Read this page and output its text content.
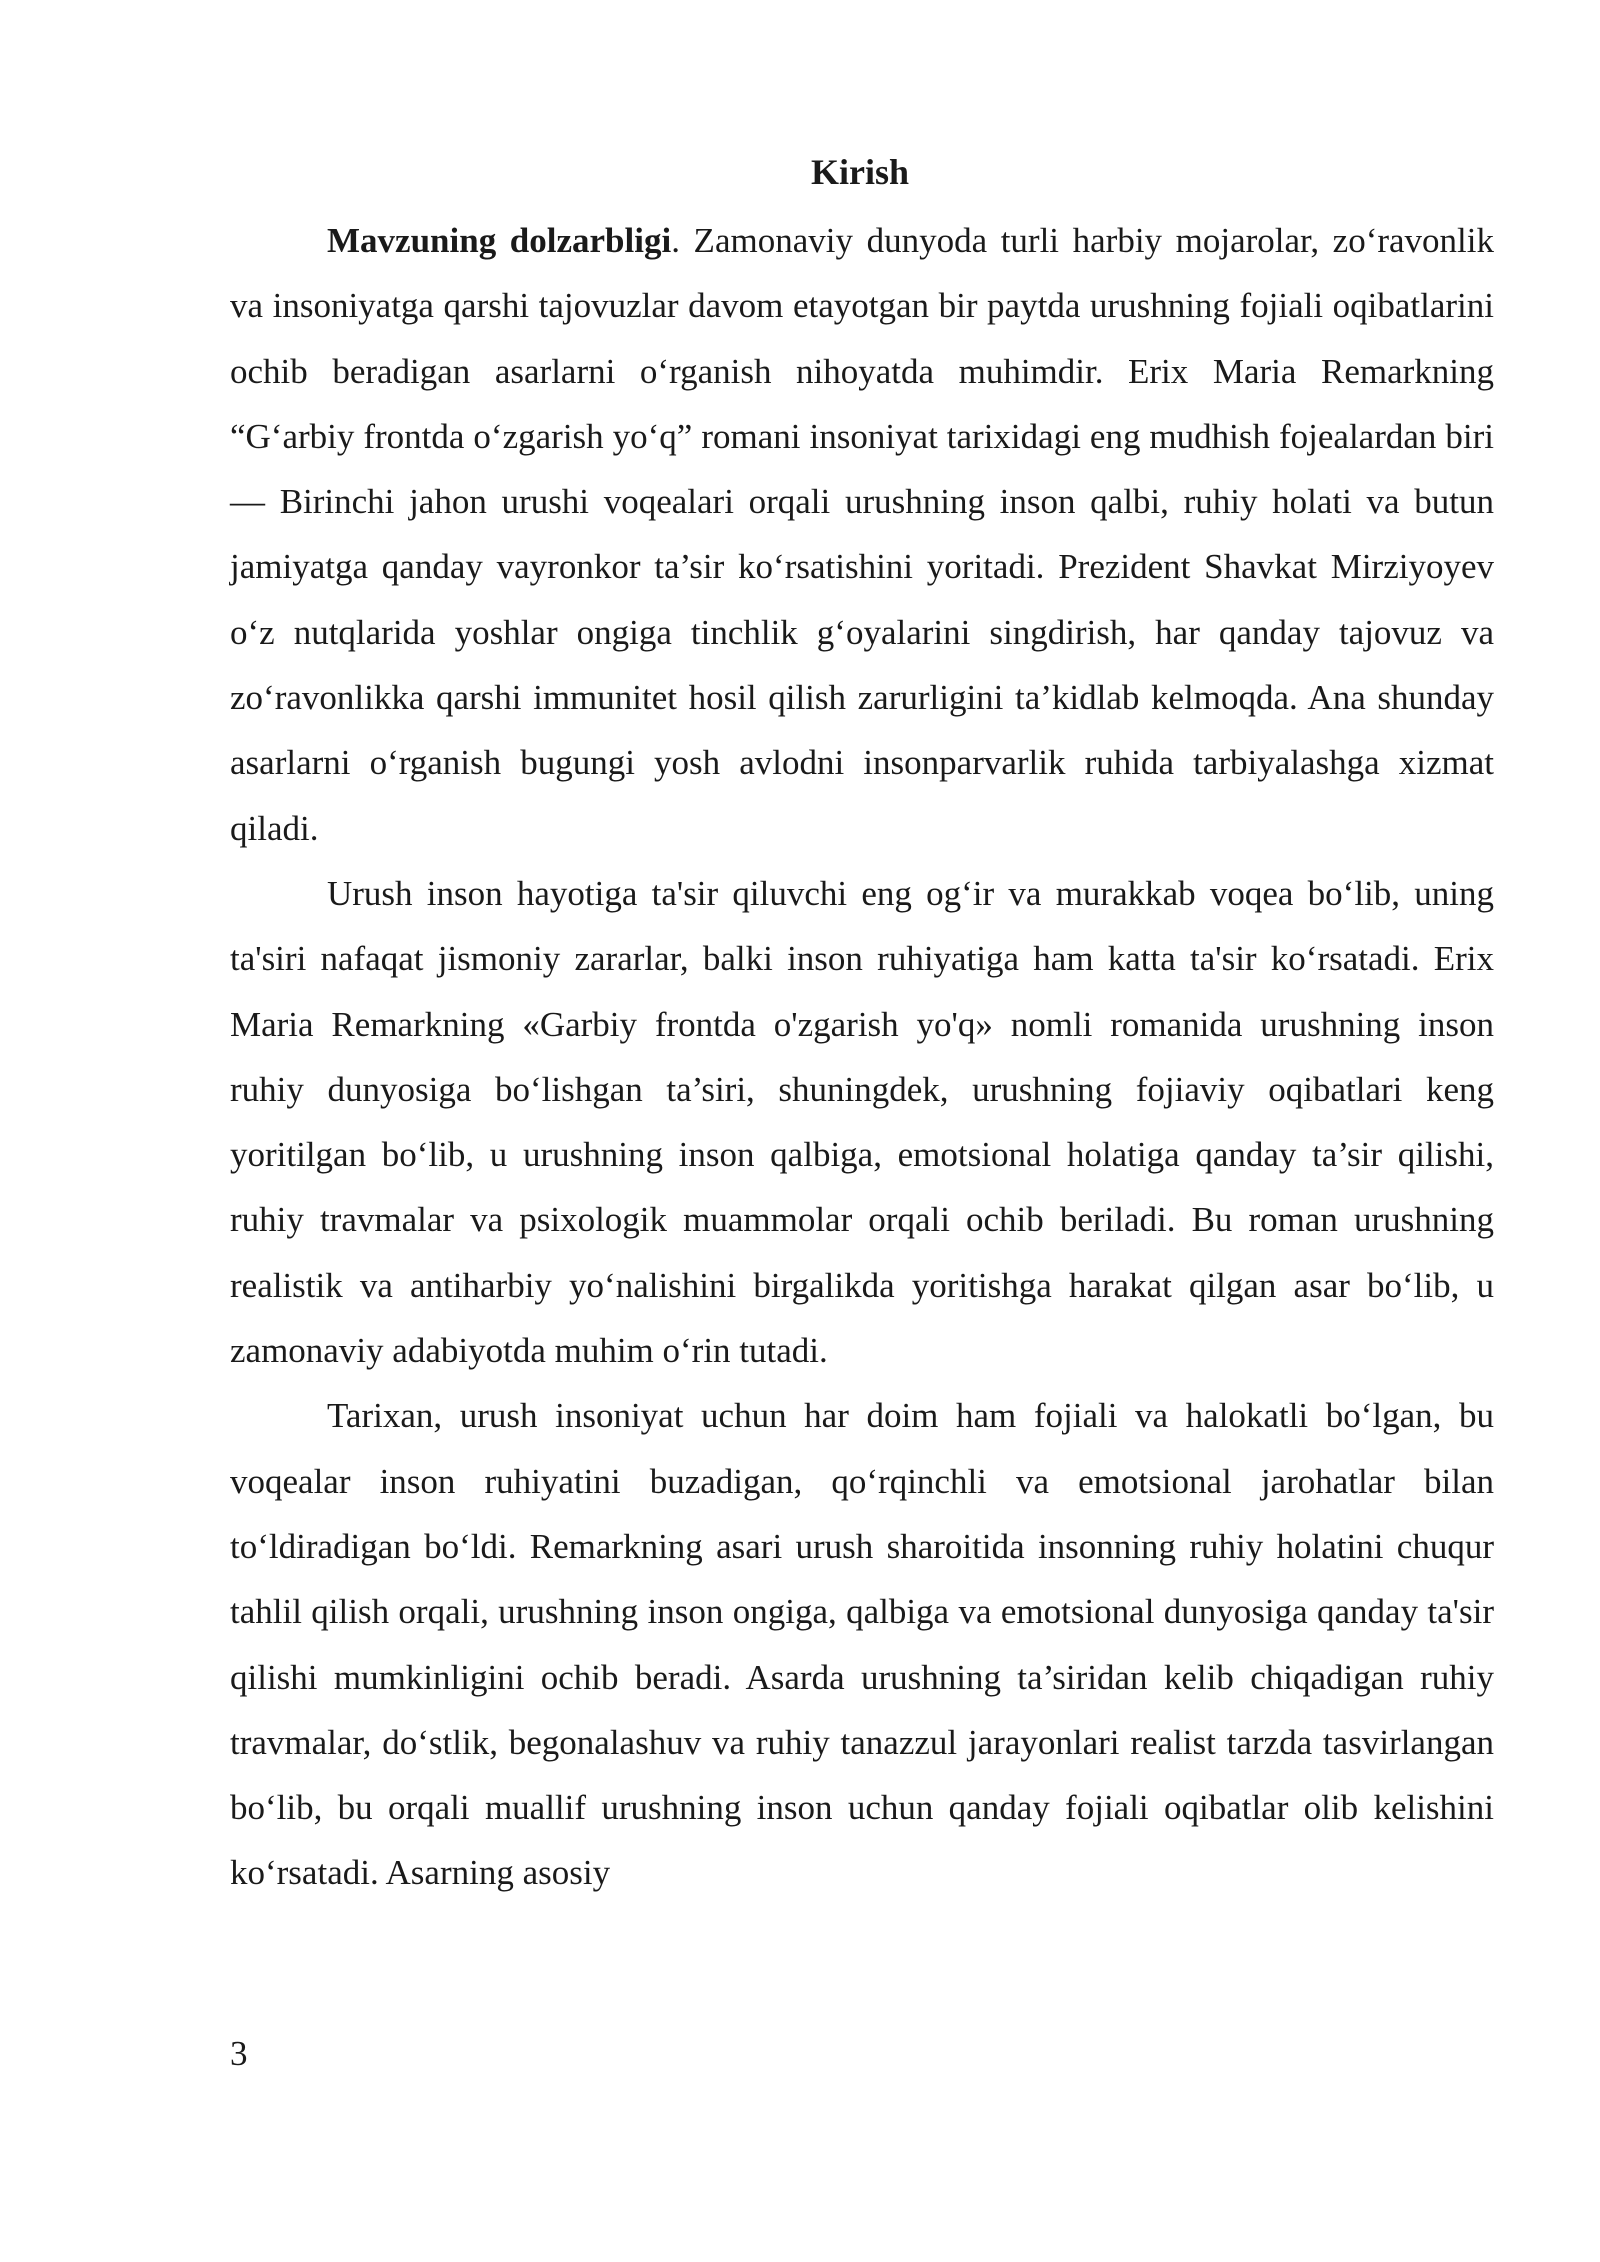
Kirish

Mavzuning dolzarbligi. Zamonaviy dunyoda turli harbiy mojarolar, zo‘ravonlik va insoniyatga qarshi tajovuzlar davom etayotgan bir paytda urushning fojiali oqibatlarini ochib beradigan asarlarni o‘rganish nihoyatda muhimdir. Erix Maria Remarkning “G‘arbiy frontda o‘zgarish yo‘q” romani insoniyat tarixidagi eng mudhish fojealardan biri — Birinchi jahon urushi voqealari orqali urushning inson qalbi, ruhiy holati va butun jamiyatga qanday vayronkor ta’sir ko‘rsatishini yoritadi. Prezident Shavkat Mirziyoyev o‘z nutqlarida yoshlar ongiga tinchlik g‘oyalarini singdirish, har qanday tajovuz va zo‘ravonlikka qarshi immunitet hosil qilish zarurligini ta’kidlab kelmoqda. Ana shunday asarlarni o‘rganish bugungi yosh avlodni insonparvarlik ruhida tarbiyalashga xizmat qiladi.

Urush inson hayotiga ta'sir qiluvchi eng og‘ir va murakkab voqea bo‘lib, uning ta'siri nafaqat jismoniy zararlar, balki inson ruhiyatiga ham katta ta'sir ko‘rsatadi. Erix Maria Remarkning «Garbiy frontda o'zgarish yo'q» nomli romanida urushning inson ruhiy dunyosiga bo‘lishgan ta’siri, shuningdek, urushning fojiaviy oqibatlari keng yoritilgan bo‘lib, u urushning inson qalbiga, emotsional holatiga qanday ta’sir qilishi, ruhiy travmalar va psixologik muammolar orqali ochib beriladi. Bu roman urushning realistik va antiharbiy yo‘nalishini birgalikda yoritishga harakat qilgan asar bo‘lib, u zamonaviy adabiyotda muhim o‘rin tutadi.

Tarixan, urush insoniyat uchun har doim ham fojiali va halokatli bo‘lgan, bu voqealar inson ruhiyatini buzadigan, qo‘rqinchli va emotsional jarohatlar bilan to‘ldiradigan bo‘ldi. Remarkning asari urush sharoitida insonning ruhiy holatini chuqur tahlil qilish orqali, urushning inson ongiga, qalbiga va emotsional dunyosiga qanday ta'sir qilishi mumkinligini ochib beradi. Asarda urushning ta’siridan kelib chiqadigan ruhiy travmalar, do‘stlik, begonalashuv va ruhiy tanazzul jarayonlari realist tarzda tasvirlangan bo‘lib, bu orqali muallif urushning inson uchun qanday fojiali oqibatlar olib kelishini ko‘rsatadi. Asarning asosiy

3
